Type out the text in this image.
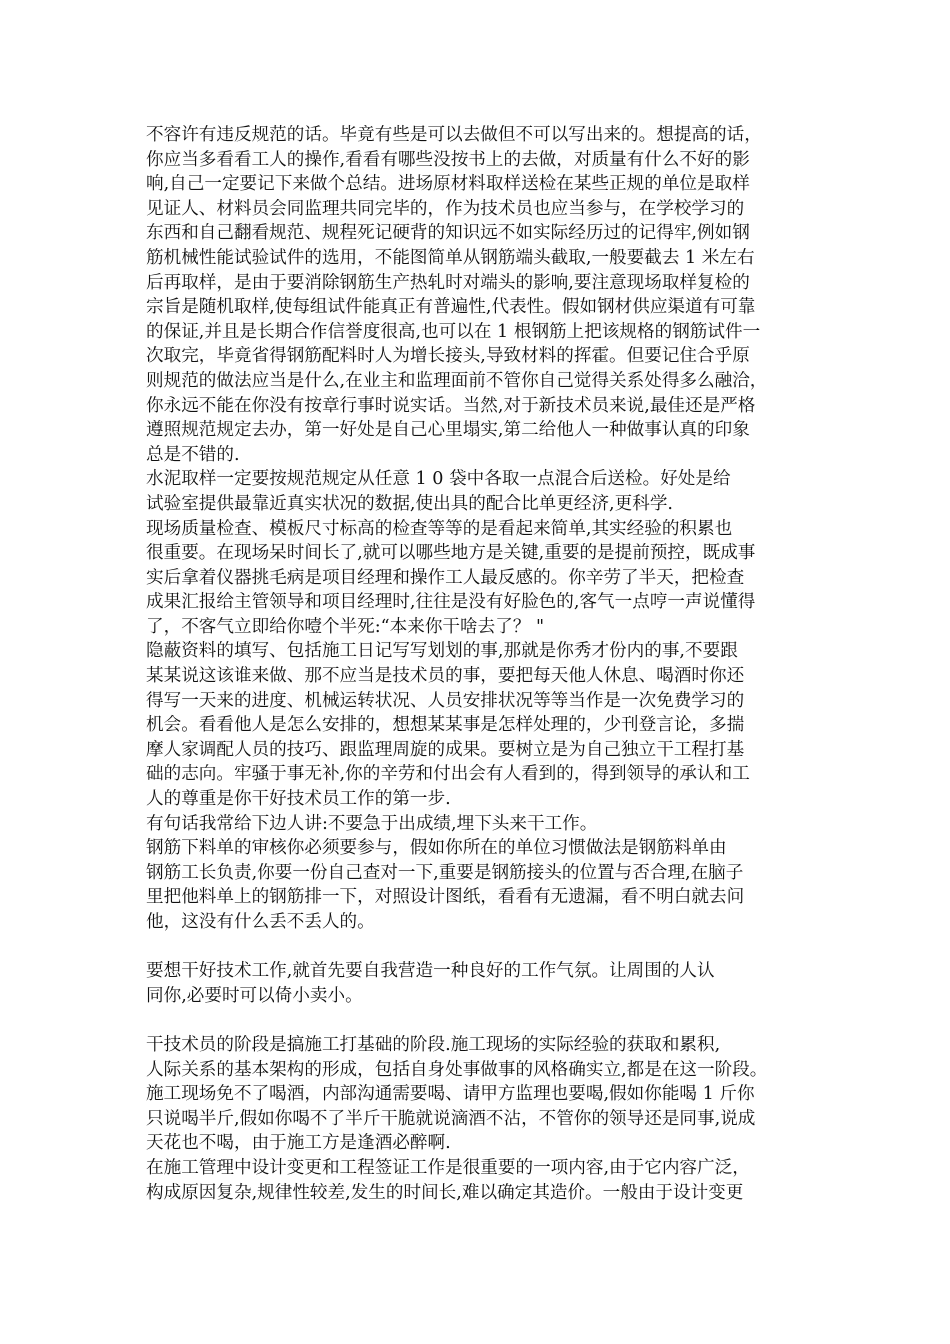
不容许有违反规范的话。毕竟有些是可以去做但不可以写出来的。想提高的话，
你应当多看看工人的操作,看看有哪些没按书上的去做，对质量有什么不好的影
响,自己一定要记下来做个总结。进场原材料取样送检在某些正规的单位是取样
见证人、材料员会同监理共同完毕的，作为技术员也应当参与，在学校学习的
东西和自己翻看规范、规程死记硬背的知识远不如实际经历过的记得牢,例如钢
筋机械性能试验试件的选用，不能图简单从钢筋端头截取,一般要截去 1 米左右
后再取样，是由于要消除钢筋生产热轧时对端头的影响,要注意现场取样复检的
宗旨是随机取样,使每组试件能真正有普遍性,代表性。假如钢材供应渠道有可靠
的保证,并且是长期合作信誉度很高,也可以在 1 根钢筋上把该规格的钢筋试件一
次取完，毕竟省得钢筋配料时人为增长接头,导致材料的挥霍。但要记住合乎原
则规范的做法应当是什么,在业主和监理面前不管你自己觉得关系处得多么融洽，
你永远不能在你没有按章行事时说实话。当然,对于新技术员来说,最佳还是严格
遵照规范规定去办，第一好处是自己心里塌实,第二给他人一种做事认真的印象
总是不错的.
水泥取样一定要按规范规定从任意 1 0 袋中各取一点混合后送检。好处是给
试验室提供最靠近真实状况的数据,使出具的配合比单更经济,更科学.
现场质量检查、模板尺寸标高的检查等等的是看起来简单,其实经验的积累也
很重要。在现场呆时间长了,就可以哪些地方是关键,重要的是提前预控，既成事
实后拿着仪器挑毛病是项目经理和操作工人最反感的。你辛劳了半天，把检查
成果汇报给主管领导和项目经理时,往往是没有好脸色的,客气一点哼一声说懂得
了，不客气立即给你噎个半死:“本来你干啥去了？ "
隐蔽资料的填写、包括施工日记写写划划的事,那就是你秀才份内的事,不要跟
某某说这该谁来做、那不应当是技术员的事，要把每天他人休息、喝酒时你还
得写一天来的进度、机械运转状况、人员安排状况等等当作是一次免费学习的
机会。看看他人是怎么安排的，想想某某事是怎样处理的，少刊登言论，多揣
摩人家调配人员的技巧、跟监理周旋的成果。要树立是为自己独立干工程打基
础的志向。牢骚于事无补,你的辛劳和付出会有人看到的，得到领导的承认和工
人的尊重是你干好技术员工作的第一步.
有句话我常给下边人讲:不要急于出成绩,埋下头来干工作。
钢筋下料单的审核你必须要参与，假如你所在的单位习惯做法是钢筋料单由
钢筋工长负责,你要一份自己查对一下,重要是钢筋接头的位置与否合理,在脑子
里把他料单上的钢筋排一下，对照设计图纸，看看有无遗漏，看不明白就去问
他，这没有什么丢不丢人的。
要想干好技术工作,就首先要自我营造一种良好的工作气氛。让周围的人认
同你,必要时可以倚小卖小。
干技术员的阶段是搞施工打基础的阶段.施工现场的实际经验的获取和累积,
人际关系的基本架构的形成，包括自身处事做事的风格确实立,都是在这一阶段。
施工现场免不了喝酒，内部沟通需要喝、请甲方监理也要喝,假如你能喝 1 斤你
只说喝半斤,假如你喝不了半斤干脆就说滴酒不沾，不管你的领导还是同事,说成
天花也不喝，由于施工方是逢酒必醉啊.
在施工管理中设计变更和工程签证工作是很重要的一项内容,由于它内容广泛，
构成原因复杂,规律性较差,发生的时间长,难以确定其造价。一般由于设计变更
